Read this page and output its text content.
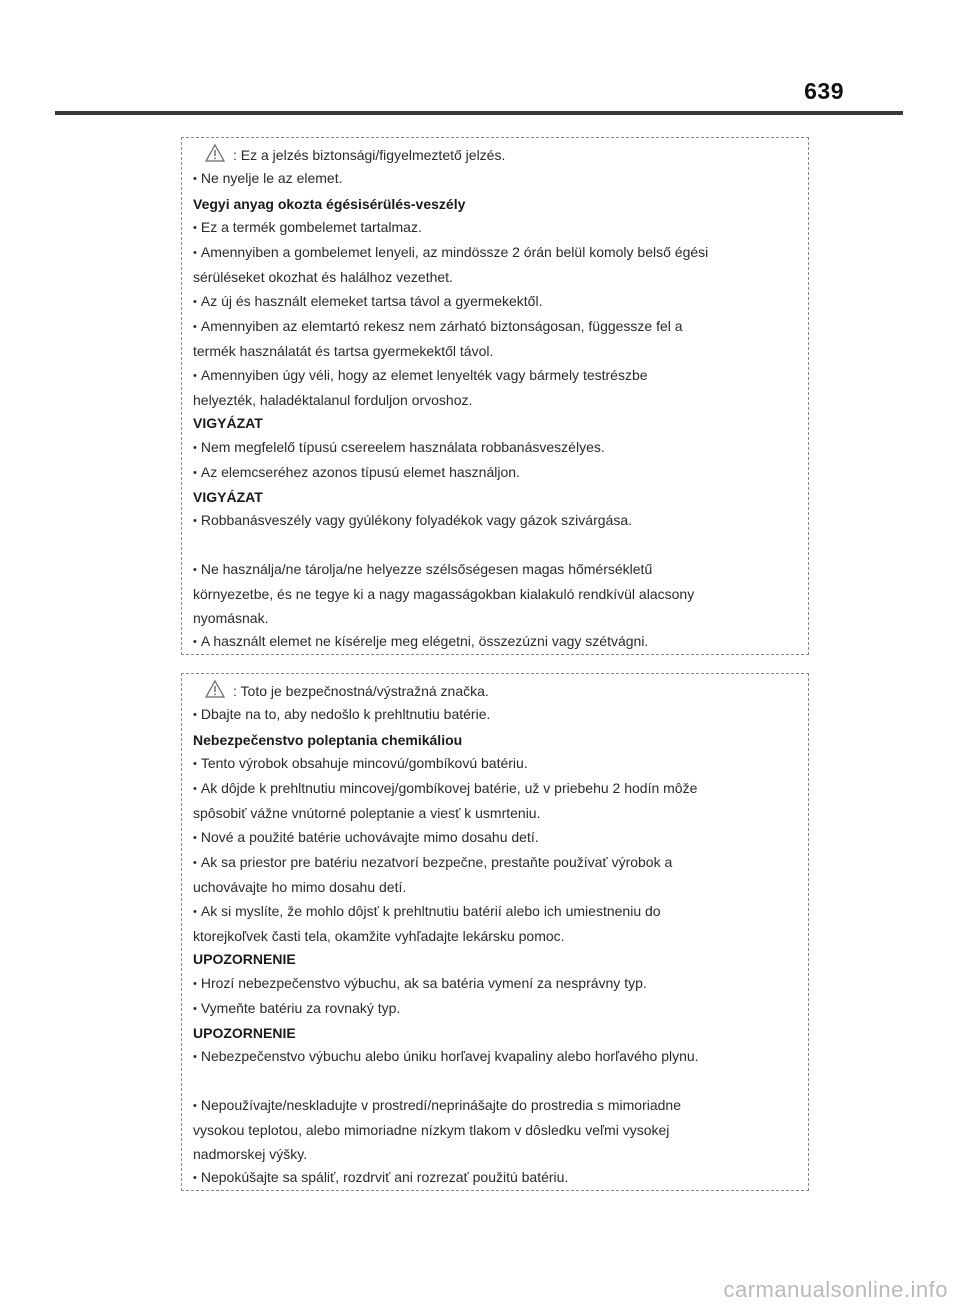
639

: Ez a jelzés biztonsági/figyelmeztető jelzés.

• Ne nyelje le az elemet.

Vegyi anyag okozta égésisérülés-veszély

• Ez a termék gombelemet tartalmaz.

• Amennyiben a gombelemet lenyeli, az mindössze 2 órán belül komoly belső égési

sérüléseket okozhat és halálhoz vezethet.

• Az új és használt elemeket tartsa távol a gyermekektől.

• Amennyiben az elemtartó rekesz nem zárható biztonságosan, függessze fel a

termék használatát és tartsa gyermekektől távol.

• Amennyiben úgy véli, hogy az elemet lenyelték vagy bármely testrészbe

helyezték, haladéktalanul forduljon orvoshoz.

VIGYÁZAT

• Nem megfelelő típusú csereelem használata robbanásveszélyes.

• Az elemcseréhez azonos típusú elemet használjon.

VIGYÁZAT

• Robbanásveszély vagy gyúlékony folyadékok vagy gázok szivárgása.

• Ne használja/ne tárolja/ne helyezze szélsőségesen magas hőmérsékletű

környezetbe, és ne tegye ki a nagy magasságokban kialakuló rendkívül alacsony

nyomásnak.

• A használt elemet ne kísérelje meg elégetni, összezúzni vagy szétvágni.

: Toto je bezpečnostná/výstražná značka.

• Dbajte na to, aby nedošlo k prehltnutiu batérie.

Nebezpečenstvo poleptania chemikáliou

• Tento výrobok obsahuje mincovú/gombíkovú batériu.

• Ak dôjde k prehltnutiu mincovej/gombíkovej batérie, už v priebehu 2 hodín môže

spôsobiť vážne vnútorné poleptanie a viesť k usmrteniu.

• Nové a použité batérie uchovávajte mimo dosahu detí.

• Ak sa priestor pre batériu nezatvorí bezpečne, prestaňte používať výrobok a

uchovávajte ho mimo dosahu detí.

• Ak si myslíte, že mohlo dôjsť k prehltnutiu batérií alebo ich umiestneniu do

ktorejkoľvek časti tela, okamžite vyhľadajte lekársku pomoc.

UPOZORNENIE

• Hrozí nebezpečenstvo výbuchu, ak sa batéria vymení za nesprávny typ.

• Vymeňte batériu za rovnaký typ.

UPOZORNENIE

• Nebezpečenstvo výbuchu alebo úniku horľavej kvapaliny alebo horľavého plynu.

• Nepoužívajte/neskladujte v prostredí/neprinášajte do prostredia s mimoriadne

vysokou teplotou, alebo mimoriadne nízkym tlakom v dôsledku veľmi vysokej

nadmorskej výšky.

• Nepokúšajte sa spáliť, rozdrviť ani rozrezať použitú batériu.

carmanualsonline.info
